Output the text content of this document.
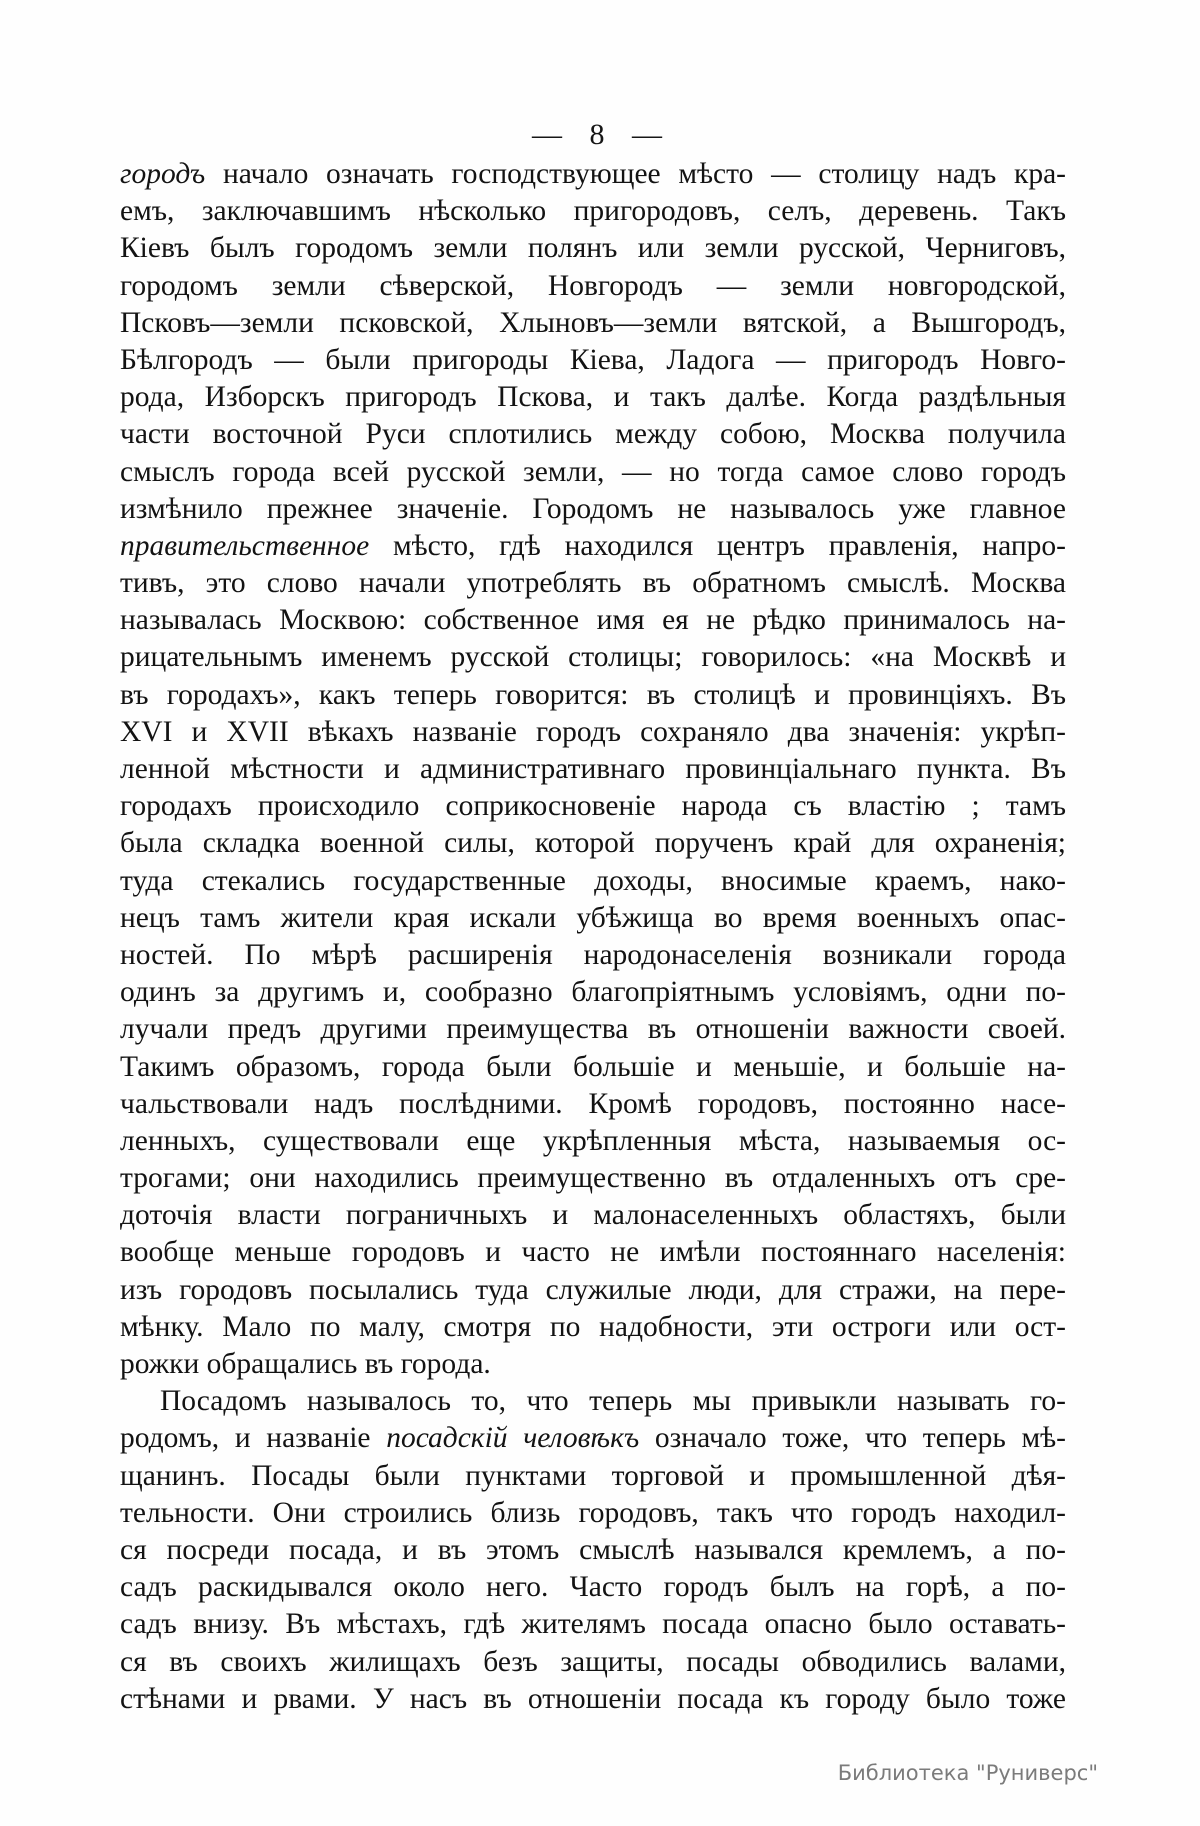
— 8 —
городъ начало означать господствующее мѣсто — столицу надъ кра-
емъ, заключавшимъ нѣсколько пригородовъ, селъ, деревень. Такъ
Кіевъ былъ городомъ земли полянъ или земли русской, Черниговъ,
городомъ земли сѣверской, Новгородъ — земли новгородской,
Псковъ—земли псковской, Хлыновъ—земли вятской, а Вышгородъ,
Бѣлгородъ — были пригороды Кіева, Ладога — пригородъ Новго-
рода, Изборскъ пригородъ Пскова, и такъ далѣе. Когда раздѣльныя
части восточной Руси сплотились между собою, Москва получила
смыслъ города всей русской земли, — но тогда самое слово городъ
измѣнило прежнее значеніе. Городомъ не называлось уже главное
правительственное мѣсто, гдѣ находился центръ правленія, напро-
тивъ, это слово начали употреблять въ обратномъ смыслѣ. Москва
называлась Москвою: собственное имя ея не рѣдко принималось на-
рицательнымъ именемъ русской столицы; говорилось: «на Москвѣ и
въ городахъ», какъ теперь говорится: въ столицѣ и провинціяхъ. Въ
XVI и XVII вѣкахъ названіе городъ сохраняло два значенія: укрѣп-
ленной мѣстности и административнаго провинціальнаго пункта. Въ
городахъ происходило соприкосновеніе народа съ властію ; тамъ
была складка военной силы, которой порученъ край для охраненія;
туда стекались государственные доходы, вносимые краемъ, нако-
нецъ тамъ жители края искали убѣжища во время военныхъ опас-
ностей. По мѣрѣ расширенія народонаселенія возникали города
одинъ за другимъ и, сообразно благопріятнымъ условіямъ, одни по-
лучали предъ другими преимущества въ отношеніи важности своей.
Такимъ образомъ, города были большіе и меньшіе, и большіе на-
чальствовали надъ послѣдними. Кромѣ городовъ, постоянно насе-
ленныхъ, существовали еще укрѣпленныя мѣста, называемыя ос-
трогами; они находились преимущественно въ отдаленныхъ отъ сре-
доточія власти пограничныхъ и малонаселенныхъ областяхъ, были
вообще меньше городовъ и часто не имѣли постояннаго населенія:
изъ городовъ посылались туда служилые люди, для стражи, на пере-
мѣнку. Мало по малу, смотря по надобности, эти остроги или ост-
рожки обращались въ города.
Посадомъ называлось то, что теперь мы привыкли называть го-
родомъ, и названіе посадскій человѣкъ означало тоже, что теперь мѣ-
щанинъ. Посады были пунктами торговой и промышленной дѣя-
тельности. Они строились близь городовъ, такъ что городъ находил-
ся посреди посада, и въ этомъ смыслѣ назывался кремлемъ, а по-
садъ раскидывался около него. Часто городъ былъ на горѣ, а по-
садъ внизу. Въ мѣстахъ, гдѣ жителямъ посада опасно было оставать-
ся въ своихъ жилищахъ безъ защиты, посады обводились валами,
стѣнами и рвами. У насъ въ отношеніи посада къ городу было тоже
Библиотека "Руниверс"
